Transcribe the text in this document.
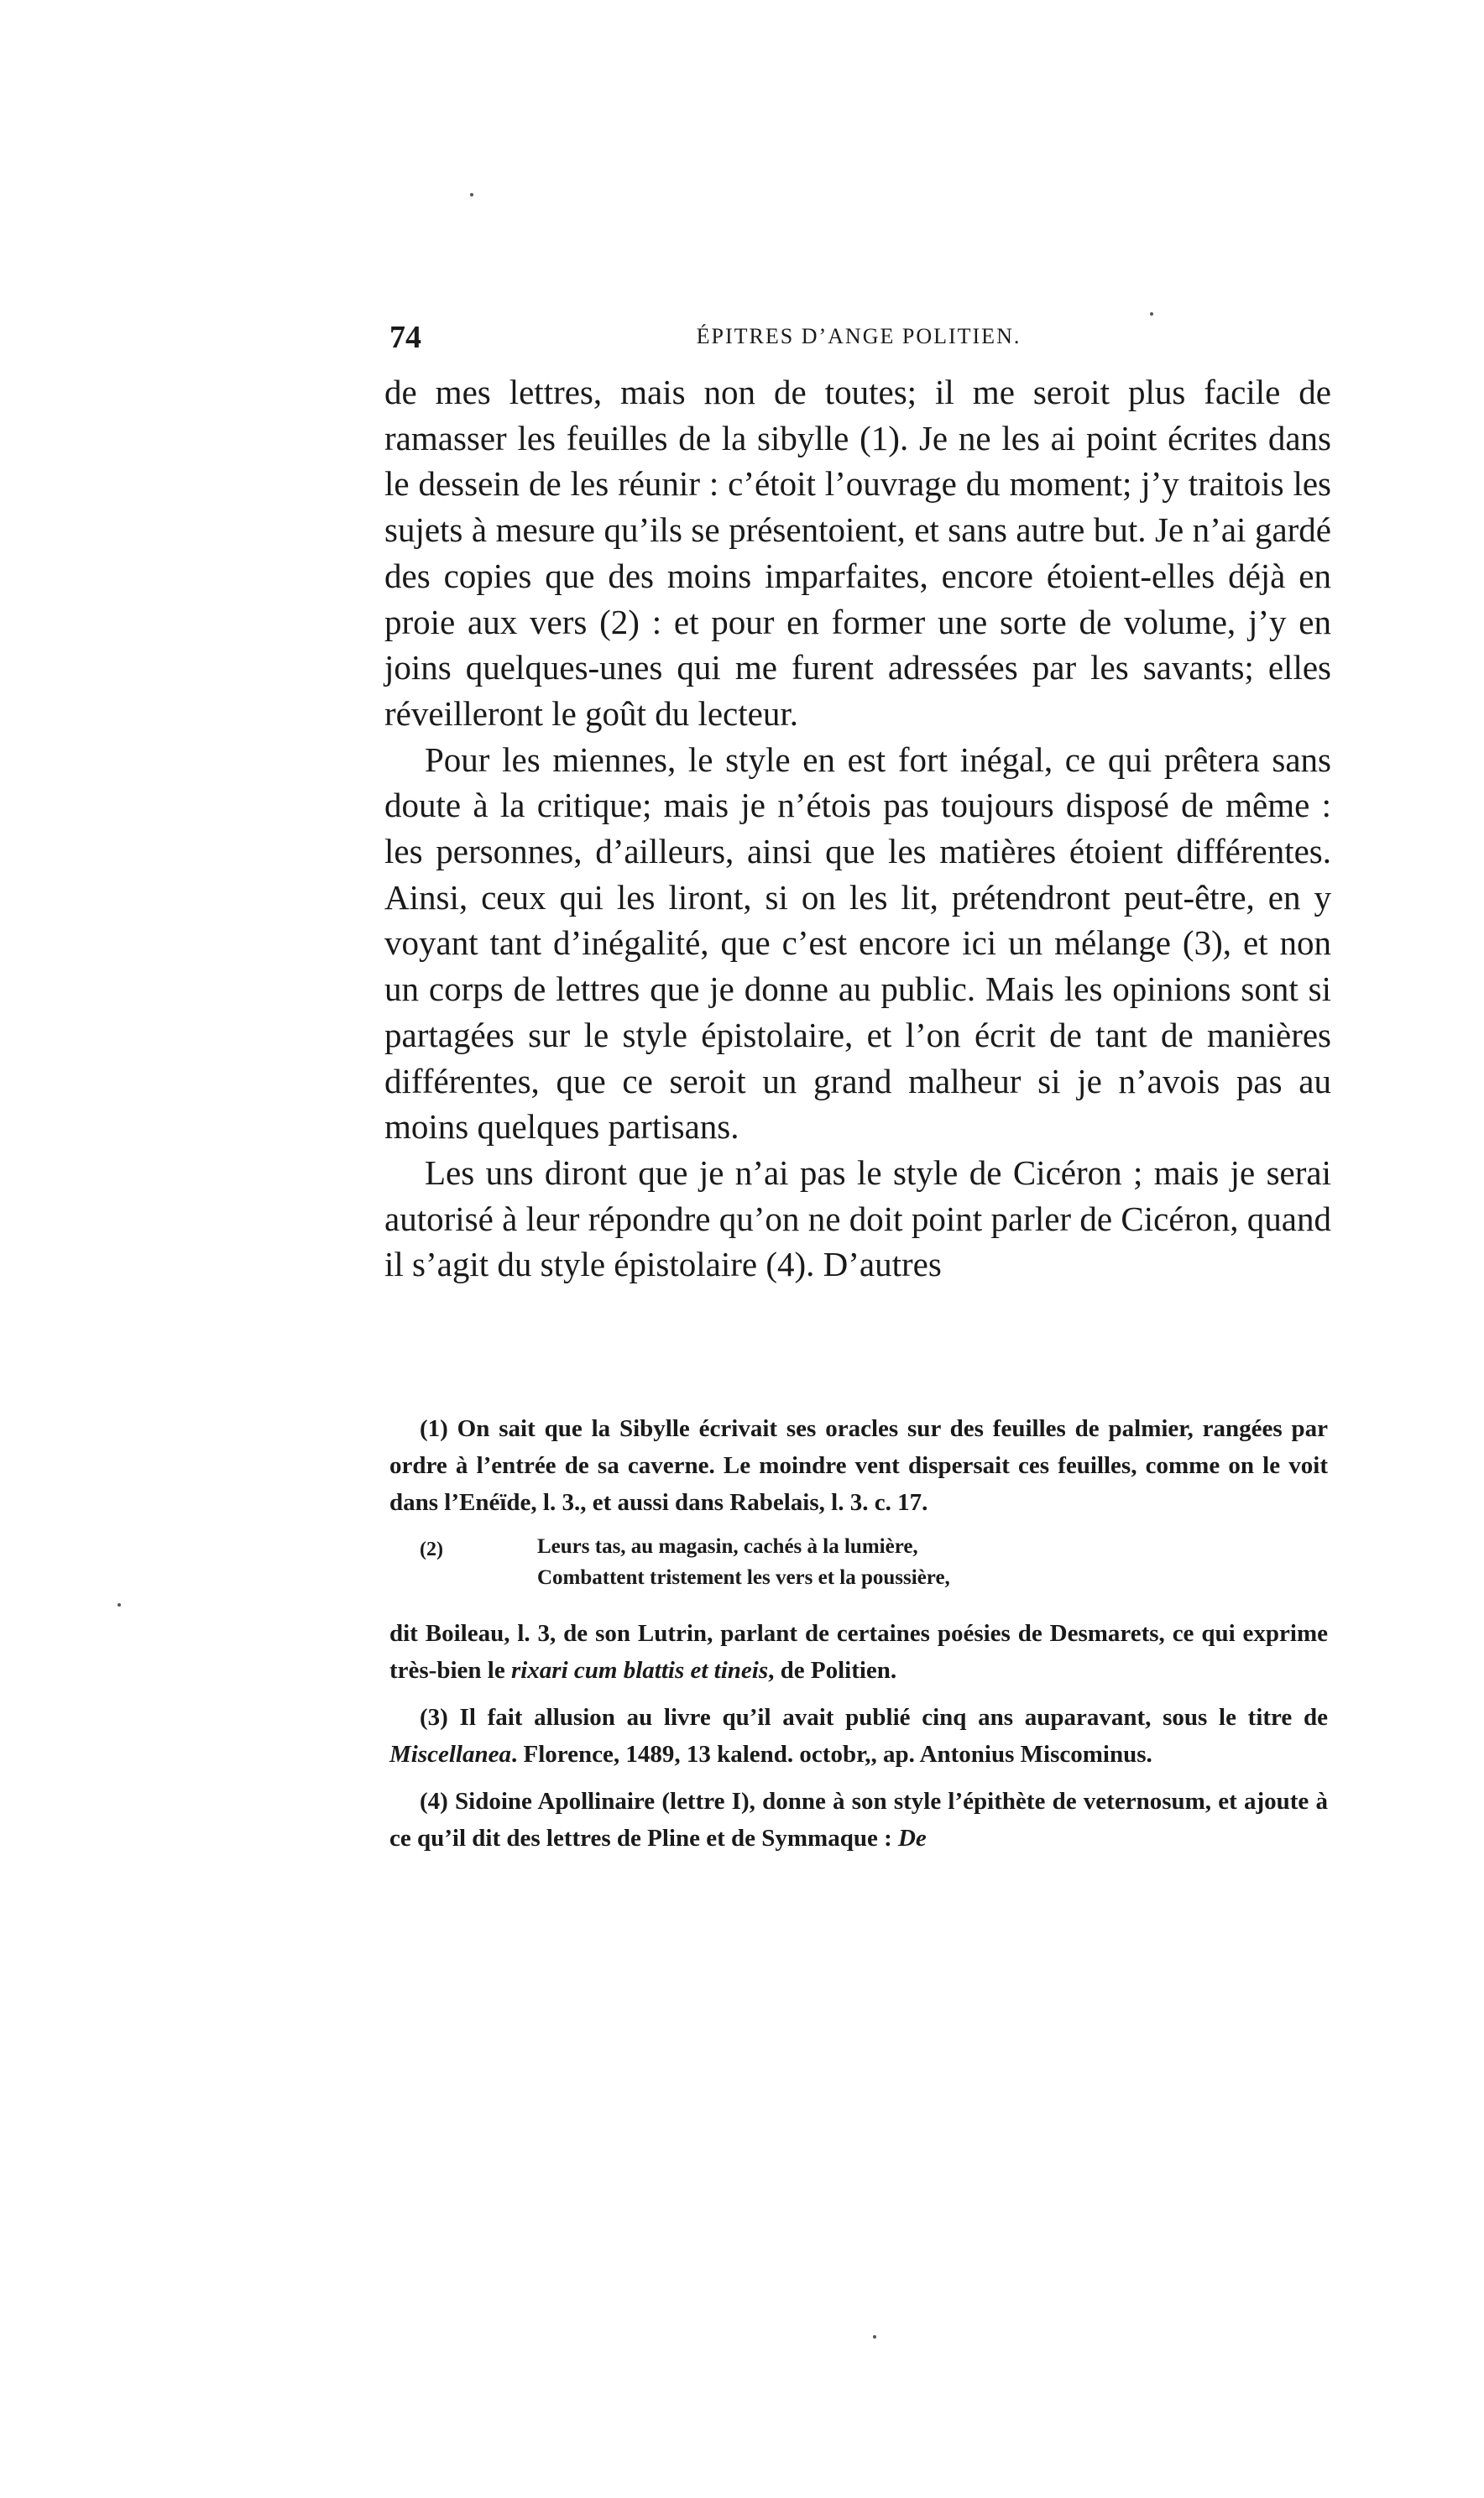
74	ÉPITRES D’ANGE POLITIEN.

de mes lettres, mais non de toutes; il me seroit plus facile de ramasser les feuilles de la sibylle (1). Je ne les ai point écrites dans le dessein de les réunir : c’étoit l’ouvrage du moment; j’y traitois les sujets à mesure qu’ils se présentoient, et sans autre but. Je n’ai gardé des copies que des moins imparfaites, encore étoient-elles déjà en proie aux vers (2) : et pour en former une sorte de volume, j’y en joins quelques-unes qui me furent adressées par les savants; elles réveilleront le goût du lecteur.

Pour les miennes, le style en est fort inégal, ce qui prêtera sans doute à la critique; mais je n’étois pas toujours disposé de même : les personnes, d’ailleurs, ainsi que les matières étoient différentes. Ainsi, ceux qui les liront, si on les lit, prétendront peut-être, en y voyant tant d’inégalité, que c’est encore ici un mélange (3), et non un corps de lettres que je donne au public. Mais les opinions sont si partagées sur le style épistolaire, et l’on écrit de tant de manières différentes, que ce seroit un grand malheur si je n’avois pas au moins quelques partisans.

Les uns diront que je n’ai pas le style de Cicéron ; mais je serai autorisé à leur répondre qu’on ne doit point parler de Cicéron, quand il s’agit du style épistolaire (4). D’autres

(1) On sait que la Sibylle écrivait ses oracles sur des feuilles de palmier, rangées par ordre à l’entrée de sa caverne. Le moindre vent dispersait ces feuilles, comme on le voit dans l’Enéïde, l. 3., et aussi dans Rabelais, l. 3. c. 17.

(2)	Leurs tas, au magasin, cachés à la lumière,
Combattent tristement les vers et la poussière,

dit Boileau, l. 3, de son Lutrin, parlant de certaines poésies de Desmarets, ce qui exprime très-bien le rixari cum blattis et tineis, de Politien.

(3) Il fait allusion au livre qu’il avait publié cinq ans auparavant, sous le titre de Miscellanea. Florence, 1489, 13 kalend. octobr,, ap. Antonius Miscominus.

(4) Sidoine Apollinaire (lettre I), donne à son style l’épithète de veternosum, et ajoute à ce qu’il dit des lettres de Pline et de Symmaque : De
